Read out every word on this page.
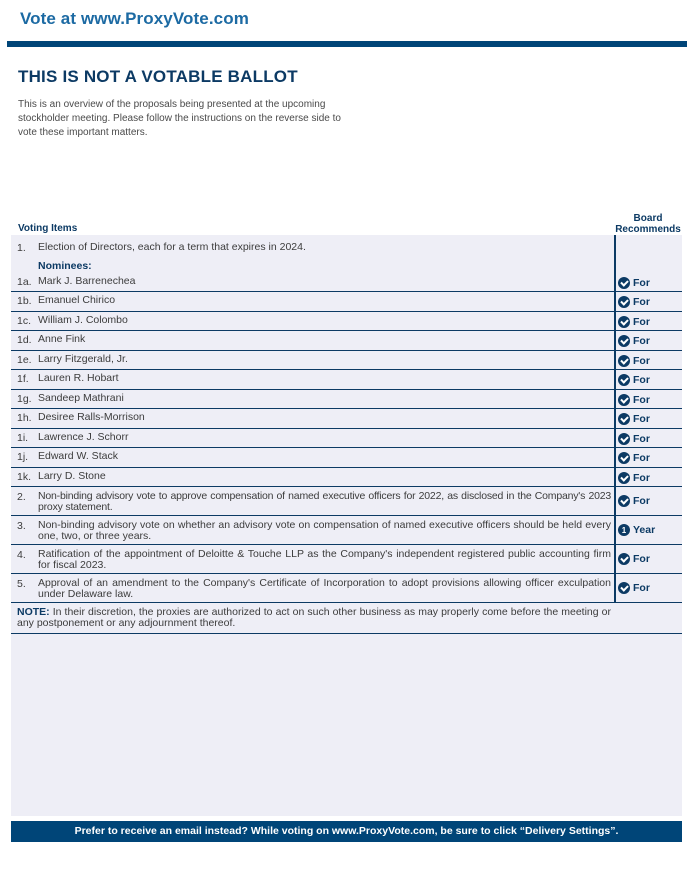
Vote at www.ProxyVote.com
THIS IS NOT A VOTABLE BALLOT

This is an overview of the proposals being presented at the upcoming stockholder meeting. Please follow the instructions on the reverse side to vote these important matters.

Voting Items
Board Recommends
1. Election of Directors, each for a term that expires in 2024.
Nominees:
1a. Mark J. Barrenechea	For
1b. Emanuel Chirico	For
1c. William J. Colombo	For
1d. Anne Fink	For
1e. Larry Fitzgerald, Jr.	For
1f. Lauren R. Hobart	For
1g. Sandeep Mathrani	For
1h. Desiree Ralls-Morrison	For
1i. Lawrence J. Schorr	For
1j. Edward W. Stack	For
1k. Larry D. Stone	For
2. Non-binding advisory vote to approve compensation of named executive officers for 2022, as disclosed in the Company's 2023 proxy statement.	For
3. Non-binding advisory vote on whether an advisory vote on compensation of named executive officers should be held every one, two, or three years.	1 Year
4. Ratification of the appointment of Deloitte & Touche LLP as the Company's independent registered public accounting firm for fiscal 2023.	For
5. Approval of an amendment to the Company's Certificate of Incorporation to adopt provisions allowing officer exculpation under Delaware law.	For

NOTE: In their discretion, the proxies are authorized to act on such other business as may properly come before the meeting or any postponement or any adjournment thereof.

Prefer to receive an email instead? While voting on www.ProxyVote.com, be sure to click “Delivery Settings”.
